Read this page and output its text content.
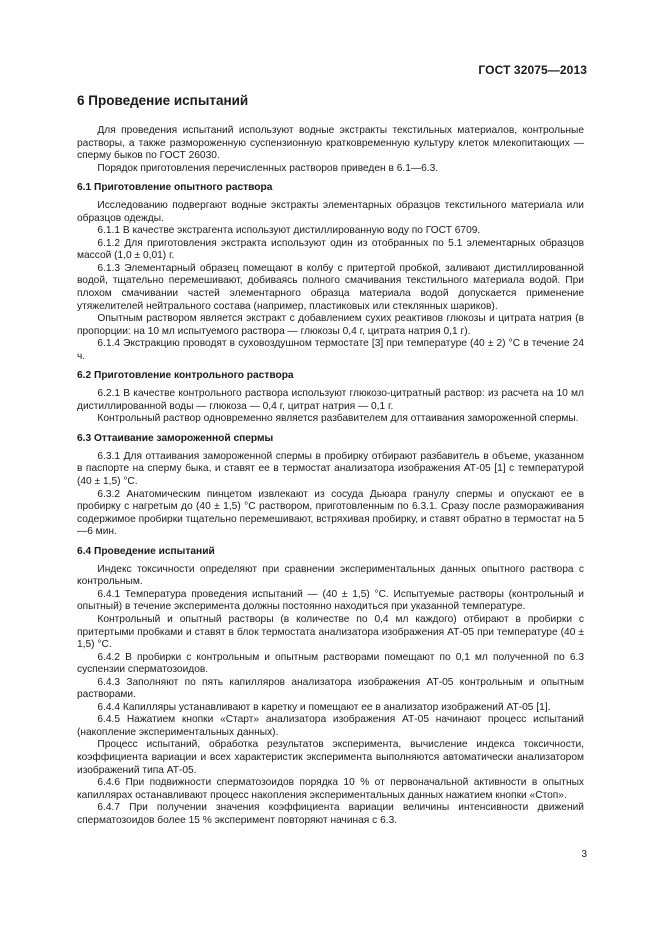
ГОСТ 32075—2013
6 Проведение испытаний

Для проведения испытаний используют водные экстракты текстильных материалов, контрольные растворы, а также размороженную суспензионную кратковременную культуру клеток млекопитающих — сперму быков по ГОСТ 26030.

Порядок приготовления перечисленных растворов приведен в 6.1—6.3.

6.1 Приготовление опытного раствора

Исследованию подвергают водные экстракты элементарных образцов текстильного материала или образцов одежды.

6.1.1 В качестве экстрагента используют дистиллированную воду по ГОСТ 6709.

6.1.2 Для приготовления экстракта используют один из отобранных по 5.1 элементарных образцов массой (1,0 ± 0,01) г.

6.1.3 Элементарный образец помещают в колбу с притертой пробкой, заливают дистиллированной водой, тщательно перемешивают, добиваясь полного смачивания текстильного материала водой. При плохом смачивании частей элементарного образца материала водой допускается применение утяжелителей нейтрального состава (например, пластиковых или стеклянных шариков).

Опытным раствором является экстракт с добавлением сухих реактивов глюкозы и цитрата натрия (в пропорции: на 10 мл испытуемого раствора — глюкозы 0,4 г, цитрата натрия 0,1 г).

6.1.4 Экстракцию проводят в суховоздушном термостате [3] при температуре (40 ± 2) °С в течение 24 ч.

6.2 Приготовление контрольного раствора

6.2.1 В качестве контрольного раствора используют глюкозо-цитратный раствор: из расчета на 10 мл дистиллированной воды — глюкоза — 0,4 г, цитрат натрия — 0,1 г.

Контрольный раствор одновременно является разбавителем для оттаивания замороженной спермы.

6.3 Оттаивание замороженной спермы

6.3.1 Для оттаивания замороженной спермы в пробирку отбирают разбавитель в объеме, указанном в паспорте на сперму быка, и ставят ее в термостат анализатора изображения АТ-05 [1] с температурой (40 ± 1,5) °С.

6.3.2 Анатомическим пинцетом извлекают из сосуда Дьюара гранулу спермы и опускают ее в пробирку с нагретым до (40 ± 1,5) °С раствором, приготовленным по 6.3.1. Сразу после размораживания содержимое пробирки тщательно перемешивают, встряхивая пробирку, и ставят обратно в термостат на 5—6 мин.

6.4 Проведение испытаний

Индекс токсичности определяют при сравнении экспериментальных данных опытного раствора с контрольным.

6.4.1 Температура проведения испытаний — (40 ± 1,5) °С. Испытуемые растворы (контрольный и опытный) в течение эксперимента должны постоянно находиться при указанной температуре.

Контрольный и опытный растворы (в количестве по 0,4 мл каждого) отбирают в пробирки с притертыми пробками и ставят в блок термостата анализатора изображения АТ-05 при температуре (40 ± 1,5) °С.

6.4.2 В пробирки с контрольным и опытным растворами помещают по 0,1 мл полученной по 6.3 суспензии сперматозоидов.

6.4.3 Заполняют по пять капилляров анализатора изображения АТ-05 контрольным и опытным растворами.

6.4.4 Капилляры устанавливают в каретку и помещают ее в анализатор изображений АТ-05 [1].

6.4.5 Нажатием кнопки «Старт» анализатора изображения АТ-05 начинают процесс испытаний (накопление экспериментальных данных).

Процесс испытаний, обработка результатов эксперимента, вычисление индекса токсичности, коэффициента вариации и всех характеристик эксперимента выполняются автоматически анализатором изображений типа АТ-05.

6.4.6 При подвижности сперматозоидов порядка 10 % от первоначальной активности в опытных капиллярах останавливают процесс накопления экспериментальных данных нажатием кнопки «Стоп».

6.4.7 При получении значения коэффициента вариации величины интенсивности движений сперматозоидов более 15 % эксперимент повторяют начиная с 6.3.

3
